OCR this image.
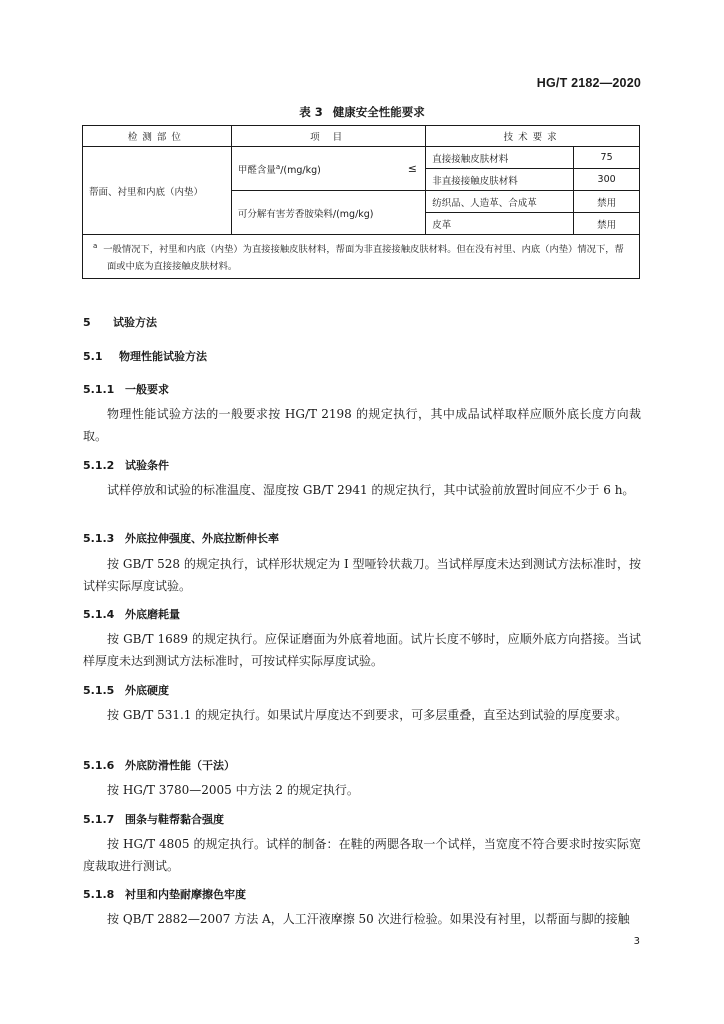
HG/T 2182—2020
表 3 健康安全性能要求
检测部位	项 目		技术要求	
帮面、衬里和内底（内垫）	甲醛含量$^a$/(mg/kg)	≤	直接接触皮肤材料	75
			非直接接触皮肤材料	300
	可分解有害芳香胺染料/(mg/kg)		纺织品、人造革、合成革	禁用
			皮革	禁用
$^a$ 一般情况下，衬里和内底（内垫）为直接接触皮肤材料，帮面为非直接接触皮肤材料。但在没有衬里、内底（内垫）情况下，帮面或中底为直接接触皮肤材料。				
5 试验方法
5.1 物理性能试验方法
5.1.1 一般要求

物理性能试验方法的一般要求按 HG/T 2198 的规定执行，其中成品试样取样应顺外底长度方向裁取。

5.1.2 试验条件

试样停放和试验的标准温度、湿度按 GB/T 2941 的规定执行，其中试验前放置时间应不少于 6 h。

5.1.3 外底拉伸强度、外底拉断伸长率

按 GB/T 528 的规定执行，试样形状规定为 I 型哑铃状裁刀。当试样厚度未达到测试方法标准时，按试样实际厚度试验。

5.1.4 外底磨耗量

按 GB/T 1689 的规定执行。应保证磨面为外底着地面。试片长度不够时，应顺外底方向搭接。当试样厚度未达到测试方法标准时，可按试样实际厚度试验。

5.1.5 外底硬度

按 GB/T 531.1 的规定执行。如果试片厚度达不到要求，可多层重叠，直至达到试验的厚度要求。

5.1.6 外底防滑性能（干法）

按 HG/T 3780—2005 中方法 2 的规定执行。

5.1.7 围条与鞋帮黏合强度

按 HG/T 4805 的规定执行。试样的制备：在鞋的两腮各取一个试样，当宽度不符合要求时按实际宽度裁取进行测试。

5.1.8 衬里和内垫耐摩擦色牢度

按 QB/T 2882—2007 方法 A，人工汗液摩擦 50 次进行检验。如果没有衬里，以帮面与脚的接触

3
